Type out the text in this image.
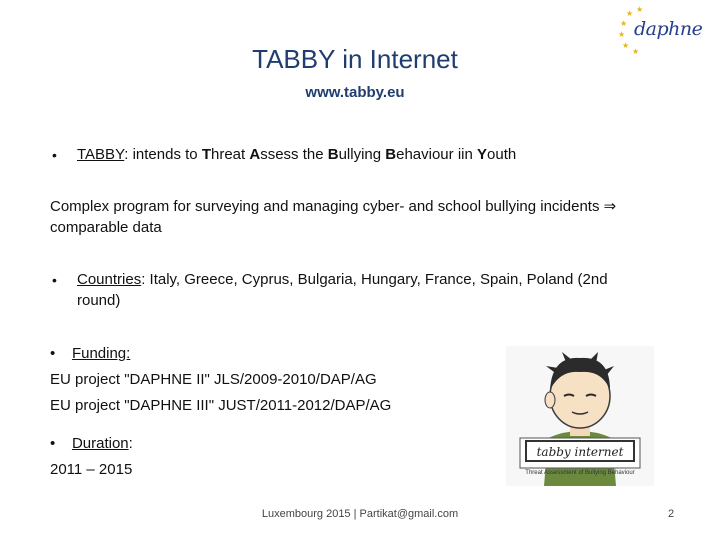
TABBY in Internet
www.tabby.eu
★
★
★
★
★
★
daphne
• TABBY: intends to Threat Assess the Bullying Behaviour iin Youth
Complex program for surveying and managing cyber- and school bullying incidents ⇒
comparable data
• Countries: Italy, Greece, Cyprus, Bulgaria, Hungary, France, Spain, Poland (2nd
round)
• Funding:
EU project "DAPHNE II" JLS/2009-2010/DAP/AG
EU project "DAPHNE III" JUST/2011-2012/DAP/AG
• Duration:
2011 – 2015
tabby internet
Threat Assessment of Bullying Behaviour
Luxembourg 2015 | Partikat@gmail.com	2
